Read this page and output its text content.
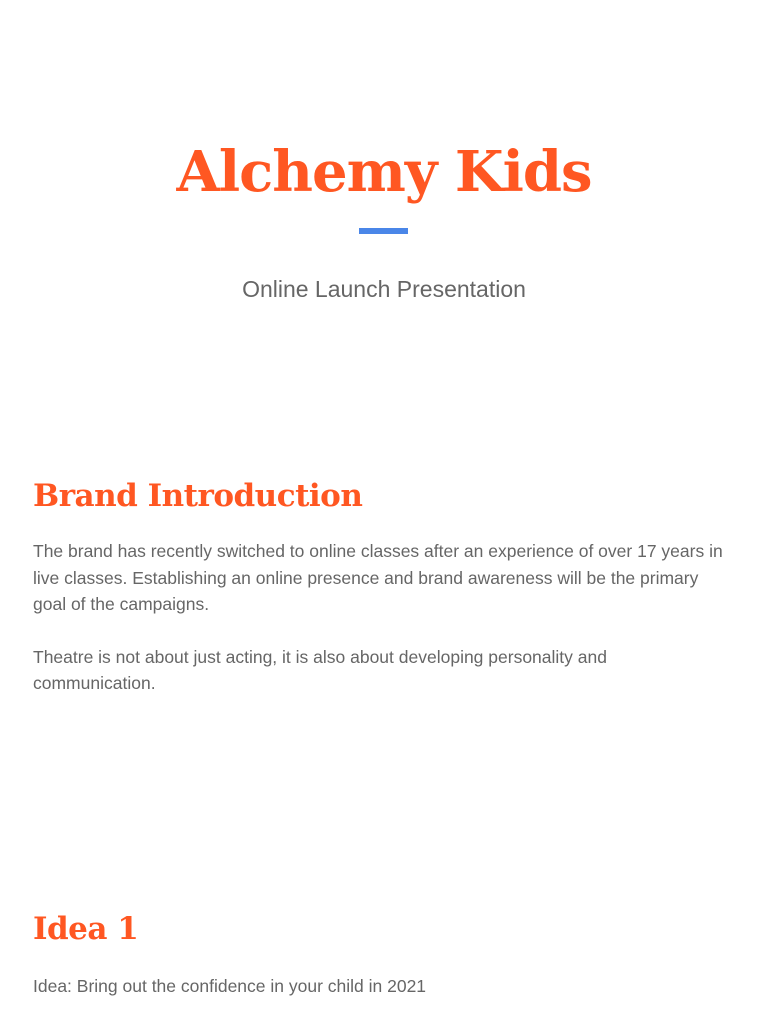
Alchemy Kids

Online Launch Presentation

Brand Introduction

The brand has recently switched to online classes after an experience of over 17 years in live classes. Establishing an online presence and brand awareness will be the primary goal of the campaigns.

Theatre is not about just acting, it is also about developing personality and communication.

Idea 1

Idea: Bring out the confidence in your child in 2021
